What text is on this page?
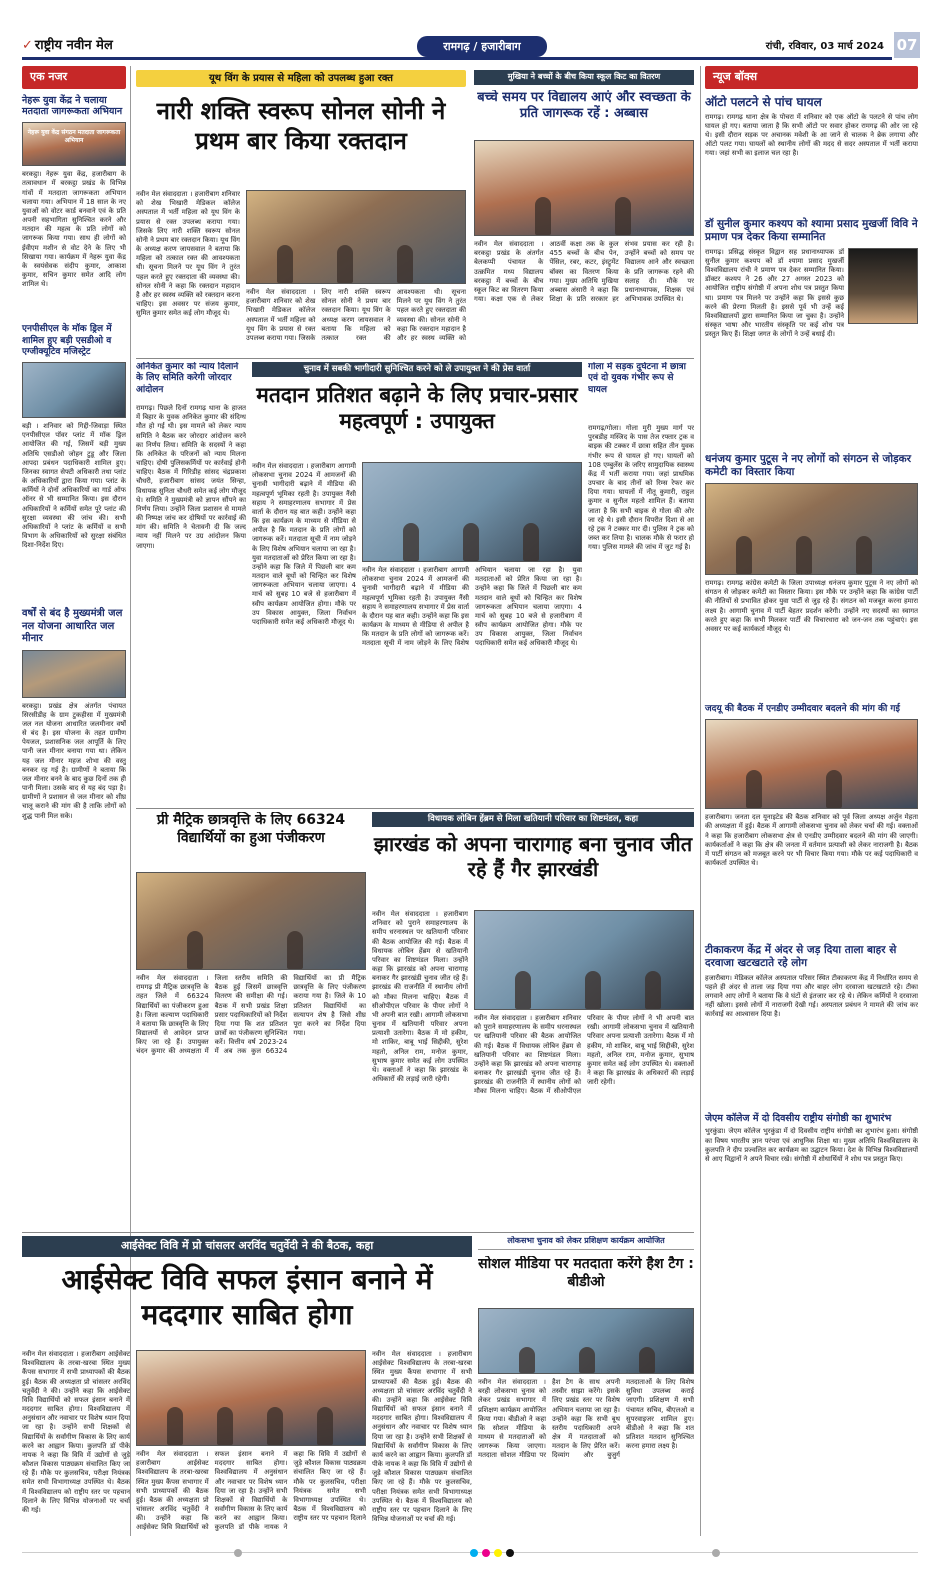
✓ राष्ट्रीय नवीन मेल	रामगढ़ / हजारीबाग	रांची, रविवार, 03 मार्च 2024 07
एक नजर
नेहरू युवा केंद्र ने चलाया मतदाता जागरूकता अभियान
नेहरू युवा केंद्र संगठन मतदाता जागरूकता अभियान
बरकट्ठा। नेहरू युवा केंद्र, हजारीबाग के तत्वावधान में बरकट्ठा प्रखंड के विभिन्न गांवों में मतदाता जागरूकता अभियान चलाया गया। अभियान में 18 साल के नए युवाओं को वोटर कार्ड बनवाने एवं के प्रति अपनी सहभागिता सुनिश्चित करने और मतदान की महत्व के प्रति लोगों को जागरूक किया गया। साथ ही लोगों को ईवीएम मशीन से वोट देने के लिए भी सिखाया गया। कार्यक्रम में नेहरू युवा केंद्र के स्वयंसेवक संदीप कुमार, आकाश कुमार, सचिन कुमार समेत आदि लोग शामिल थे।
एनपीसीएल के मॉक ड्रिल में शामिल हुए बड़ी एसडीओ व एग्जीक्यूटिव मजिस्ट्रेट
बड़ी । शनिवार को गिद्दी-जिवाड़ा स्थित एनपीसीएल पॉवर प्लांट में मॉक ड्रिल आयोजित की गई, जिसमें बड़ी मुख्य अतिथि एसडीओ जोहन टुडू और जिला आपदा प्रबंधन पदाधिकारी शामिल हुए। जिनका स्वागत सेफ्टी अधिकारी तथा प्लांट के अधिकारियों द्वारा किया गया। प्लांट के कर्मियों ने दोनों अधिकारियों का गार्ड ऑफ ऑनर से भी सम्मानित किया। इस दौरान अधिकारियों ने कर्मियों समेत पूरे प्लांट की सुरक्षा व्यवस्था की जांच की। सभी अधिकारियों ने प्लांट के कर्मियों व सभी विभाग के अधिकारियों को सुरक्षा संबंधित दिशा-निर्देश दिए।
वर्षों से बंद है मुख्यमंत्री जल नल योजना आधारित जल मीनार
बरकट्ठा। प्रखंड क्षेत्र अंतर्गत पंचायत सिरसीडीह के ग्राम टुकहीसा में मुख्यमंत्री जल नल योजना आधारित जलमीनार वर्षों से बंद है। इस योजना के तहत ग्रामीण पेयजल, प्रशासनिक जल आपूर्ति के लिए पानी जल मीनार बनाया गया था। लेकिन यह जल मीनार महज शोभा की वस्तु बनकर रह गई है। ग्रामीणों ने बताया कि जल मीनार बनने के बाद कुछ दिनों तक ही पानी मिला। उसके बाद से यह बंद पड़ा है। ग्रामीणों ने प्रशासन से जल मीनार को शीघ्र चालू कराने की मांग की है ताकि लोगों को शुद्ध पानी मिल सके।
यूथ विंग के प्रयास से महिला को उपलब्ध हुआ रक्त
नारी शक्ति स्वरूप सोनल सोनी ने प्रथम बार किया रक्तदान
नवीन मेल संवाददाता । हजारीबाग शनिवार को शेख भिखारी मेडिकल कॉलेज अस्पताल में भर्ती महिला को यूथ विंग के प्रयास से रक्त उपलब्ध कराया गया। जिसके लिए नारी शक्ति स्वरूप सोनल सोनी ने प्रथम बार रक्तदान किया। यूथ विंग के अध्यक्ष करण जायसवाल ने बताया कि महिला को तत्काल रक्त की आवश्यकता थी। सूचना मिलने पर यूथ विंग ने तुरंत पहल करते हुए रक्तदाता की व्यवस्था की। सोनल सोनी ने कहा कि रक्तदान महादान है और हर स्वस्थ व्यक्ति को रक्तदान करना चाहिए। इस अवसर पर संजय कुमार, सुमित कुमार समेत कई लोग मौजूद थे।
नवीन मेल संवाददाता । हजारीबाग शनिवार को शेख भिखारी मेडिकल कॉलेज अस्पताल में भर्ती महिला को यूथ विंग के प्रयास से रक्त उपलब्ध कराया गया। जिसके लिए नारी शक्ति स्वरूप सोनल सोनी ने प्रथम बार रक्तदान किया। यूथ विंग के अध्यक्ष करण जायसवाल ने बताया कि महिला को तत्काल रक्त की आवश्यकता थी। सूचना मिलने पर यूथ विंग ने तुरंत पहल करते हुए रक्तदाता की व्यवस्था की। सोनल सोनी ने कहा कि रक्तदान महादान है और हर स्वस्थ व्यक्ति को
मुखिया ने बच्चों के बीच किया स्कूल किट का वितरण
बच्चे समय पर विद्यालय आएं और स्वच्छता के प्रति जागरूक रहें : अब्बास
नवीन मेल संवाददाता । बरकट्ठा प्रखंड के अंतर्गत बेलकप्पी पंचायत के उत्क्रमित मध्य विद्यालय बरकट्ठा में बच्चों के बीच स्कूल किट का वितरण किया गया। कक्षा एक से लेकर आठवीं कक्षा तक के कुल 455 बच्चों के बीच पेन, पेंसिल, रबर, कटर, इंस्ट्रूमेंट बॉक्स का वितरण किया गया। मुख्य अतिथि मुखिया अब्बास अंसारी ने कहा कि शिक्षा के प्रति सरकार हर संभव प्रयास कर रही है। उन्होंने बच्चों को समय पर विद्यालय आने और स्वच्छता के प्रति जागरूक रहने की सलाह दी। मौके पर प्रधानाध्यापक, शिक्षक एवं अभिभावक उपस्थित थे।
अनिकेत कुमार को न्याय दिलाने के लिए समिति करेगी जोरदार आंदोलन
रामगढ़। पिछले दिनों रामगढ़ थाना के हाजत में बिहार के युवक अनिकेत कुमार की संदिग्ध मौत हो गई थी। इस मामले को लेकर न्याय समिति ने बैठक कर जोरदार आंदोलन करने का निर्णय लिया। समिति के सदस्यों ने कहा कि अनिकेत के परिजनों को न्याय मिलना चाहिए। दोषी पुलिसकर्मियों पर कार्रवाई होनी चाहिए। बैठक में गिरिडीह सांसद चंद्रप्रकाश चौधरी, हजारीबाग सांसद जयंत सिन्हा, विधायक सुनिता चौधरी समेत कई लोग मौजूद थे। समिति ने मुख्यमंत्री को ज्ञापन सौंपने का निर्णय लिया। उन्होंने जिला प्रशासन से मामले की निष्पक्ष जांच कर दोषियों पर कार्रवाई की मांग की। समिति ने चेतावनी दी कि जल्द न्याय नहीं मिलने पर उग्र आंदोलन किया जाएगा।
चुनाव में सबकी भागीदारी सुनिश्चित करने को ले उपायुक्त ने की प्रेस वार्ता
मतदान प्रतिशत बढ़ाने के लिए प्रचार-प्रसार महत्वपूर्ण : उपायुक्त
नवीन मेल संवाददाता । हजारीबाग आगामी लोकसभा चुनाव 2024 में आमजनों की चुनावी भागीदारी बढ़ाने में मीडिया की महत्वपूर्ण भूमिका रहती है। उपायुक्त नैंसी सहाय ने समाहरणालय सभागार में प्रेस वार्ता के दौरान यह बात कही। उन्होंने कहा कि इस कार्यक्रम के माध्यम से मीडिया से अपील है कि मतदान के प्रति लोगों को जागरूक करें। मतदाता सूची में नाम जोड़ने के लिए विशेष अभियान चलाया जा रहा है। युवा मतदाताओं को प्रेरित किया जा रहा है। उन्होंने कहा कि जिले में पिछली बार कम मतदान वाले बूथों को चिन्हित कर विशेष जागरूकता अभियान चलाया जाएगा। 4 मार्च को सुबह 10 बजे से हजारीबाग में स्वीप कार्यक्रम आयोजित होगा। मौके पर उप विकास आयुक्त, जिला निर्वाचन पदाधिकारी समेत कई अधिकारी मौजूद थे।
नवीन मेल संवाददाता । हजारीबाग आगामी लोकसभा चुनाव 2024 में आमजनों की चुनावी भागीदारी बढ़ाने में मीडिया की महत्वपूर्ण भूमिका रहती है। उपायुक्त नैंसी सहाय ने समाहरणालय सभागार में प्रेस वार्ता के दौरान यह बात कही। उन्होंने कहा कि इस कार्यक्रम के माध्यम से मीडिया से अपील है कि मतदान के प्रति लोगों को जागरूक करें। मतदाता सूची में नाम जोड़ने के लिए विशेष अभियान चलाया जा रहा है। युवा मतदाताओं को प्रेरित किया जा रहा है। उन्होंने कहा कि जिले में पिछली बार कम मतदान वाले बूथों को चिन्हित कर विशेष जागरूकता अभियान चलाया जाएगा। 4 मार्च को सुबह 10 बजे से हजारीबाग में स्वीप कार्यक्रम आयोजित होगा। मौके पर उप विकास आयुक्त, जिला निर्वाचन पदाधिकारी समेत कई अधिकारी मौजूद थे।
गोला में सड़क दुर्घटना में छात्रा एवं दो युवक गंभीर रूप से घायल
रामगढ़/गोला। गोला मुरी मुख्य मार्ग पर पुरबडीह मस्जिद के पास तेज रफ्तार ट्रक व बाइक की टक्कर में छात्रा सहित तीन युवक गंभीर रूप से घायल हो गए। घायलों को 108 एम्बुलेंस के जरिए सामुदायिक स्वास्थ्य केंद्र में भर्ती कराया गया। जहां प्राथमिक उपचार के बाद तीनों को रिम्स रेफर कर दिया गया। घायलों में नीतू कुमारी, राहुल कुमार व सुनील महतो शामिल हैं। बताया जाता है कि सभी बाइक से गोला की ओर जा रहे थे। इसी दौरान विपरीत दिशा से आ रहे ट्रक ने टक्कर मार दी। पुलिस ने ट्रक को जब्त कर लिया है। चालक मौके से फरार हो गया। पुलिस मामले की जांच में जुट गई है।
प्री मैट्रिक छात्रवृत्ति के लिए 66324 विद्यार्थियों का हुआ पंजीकरण
नवीन मेल संवाददाता । रामगढ़ प्री मैट्रिक छात्रवृत्ति के तहत जिले में 66324 विद्यार्थियों का पंजीकरण हुआ है। जिला कल्याण पदाधिकारी ने बताया कि छात्रवृत्ति के लिए विद्यालयों से आवेदन प्राप्त किए जा रहे हैं। उपायुक्त चंदन कुमार की अध्यक्षता में जिला स्तरीय समिति की बैठक हुई जिसमें छात्रवृत्ति वितरण की समीक्षा की गई। बैठक में सभी प्रखंड शिक्षा प्रसार पदाधिकारियों को निर्देश दिया गया कि शत प्रतिशत छात्रों का पंजीकरण सुनिश्चित करें। वित्तीय वर्ष 2023-24 में अब तक कुल 66324 विद्यार्थियों का प्री मैट्रिक छात्रवृत्ति के लिए पंजीकरण कराया गया है। जिले के 10 प्रतिशत विद्यार्थियों का सत्यापन शेष है जिसे शीघ्र पूरा करने का निर्देश दिया गया।
विधायक लोबिन हेंब्रम से मिला खतियानी परिवार का शिष्टमंडल, कहा
झारखंड को अपना चारागाह बना चुनाव जीत रहे हैं गैर झारखंडी
नवीन मेल संवाददाता । हजारीबाग शनिवार को पुराने समाहरणालय के समीप धरनास्थल पर खतियानी परिवार की बैठक आयोजित की गई। बैठक में विधायक लोबिन हेंब्रम से खतियानी परिवार का शिष्टमंडल मिला। उन्होंने कहा कि झारखंड को अपना चारागाह बनाकर गैर झारखंडी चुनाव जीत रहे हैं। झारखंड की राजनीति में स्थानीय लोगों को मौका मिलना चाहिए। बैठक में सीओपीएल परिवार के पीयर लोगों ने भी अपनी बात रखी। आगामी लोकसभा चुनाव में खतियानी परिवार अपना प्रत्याशी उतारेगा। बैठक में मो हकीम, मो शाकिर, बाबू भाई सिद्दीकी, सुरेश महतो, अनिल राम, मनोज कुमार, सुभाष कुमार समेत कई लोग उपस्थित थे। वक्ताओं ने कहा कि झारखंड के अधिकारों की लड़ाई जारी रहेगी।
नवीन मेल संवाददाता । हजारीबाग शनिवार को पुराने समाहरणालय के समीप धरनास्थल पर खतियानी परिवार की बैठक आयोजित की गई। बैठक में विधायक लोबिन हेंब्रम से खतियानी परिवार का शिष्टमंडल मिला। उन्होंने कहा कि झारखंड को अपना चारागाह बनाकर गैर झारखंडी चुनाव जीत रहे हैं। झारखंड की राजनीति में स्थानीय लोगों को मौका मिलना चाहिए। बैठक में सीओपीएल परिवार के पीयर लोगों ने भी अपनी बात रखी। आगामी लोकसभा चुनाव में खतियानी परिवार अपना प्रत्याशी उतारेगा। बैठक में मो हकीम, मो शाकिर, बाबू भाई सिद्दीकी, सुरेश महतो, अनिल राम, मनोज कुमार, सुभाष कुमार समेत कई लोग उपस्थित थे। वक्ताओं ने कहा कि झारखंड के अधिकारों की लड़ाई जारी रहेगी।
आईसेक्ट विवि में प्रो चांसलर अरविंद चतुर्वेदी ने की बैठक, कहा
आईसेक्ट विवि सफल इंसान बनाने में मददगार साबित होगा
नवीन मेल संवाददाता । हजारीबाग आईसेक्ट विश्वविद्यालय के तरबा-खरबा स्थित मुख्य कैंपस सभागार में सभी प्राध्यापकों की बैठक हुई। बैठक की अध्यक्षता प्रो चांसलर अरविंद चतुर्वेदी ने की। उन्होंने कहा कि आईसेक्ट विवि विद्यार्थियों को सफल इंसान बनाने में मददगार साबित होगा। विश्वविद्यालय में अनुसंधान और नवाचार पर विशेष ध्यान दिया जा रहा है। उन्होंने सभी शिक्षकों से विद्यार्थियों के सर्वांगीण विकास के लिए कार्य करने का आह्वान किया। कुलपति डॉ पीके नायक ने कहा कि विवि में उद्योगों से जुड़े कौशल विकास पाठ्यक्रम संचालित किए जा रहे हैं। मौके पर कुलसचिव, परीक्षा नियंत्रक समेत सभी विभागाध्यक्ष उपस्थित थे। बैठक में विश्वविद्यालय को राष्ट्रीय स्तर पर पहचान दिलाने के लिए विभिन्न योजनाओं पर चर्चा की गई।
नवीन मेल संवाददाता । हजारीबाग आईसेक्ट विश्वविद्यालय के तरबा-खरबा स्थित मुख्य कैंपस सभागार में सभी प्राध्यापकों की बैठक हुई। बैठक की अध्यक्षता प्रो चांसलर अरविंद चतुर्वेदी ने की। उन्होंने कहा कि आईसेक्ट विवि विद्यार्थियों को सफल इंसान बनाने में मददगार साबित होगा। विश्वविद्यालय में अनुसंधान और नवाचार पर विशेष ध्यान दिया जा रहा है। उन्होंने सभी शिक्षकों से विद्यार्थियों के सर्वांगीण विकास के लिए कार्य करने का आह्वान किया। कुलपति डॉ पीके नायक ने कहा कि विवि में उद्योगों से जुड़े कौशल विकास पाठ्यक्रम संचालित किए जा रहे हैं। मौके पर कुलसचिव, परीक्षा नियंत्रक समेत सभी विभागाध्यक्ष उपस्थित थे। बैठक में विश्वविद्यालय को राष्ट्रीय स्तर पर पहचान दिलाने
नवीन मेल संवाददाता । हजारीबाग आईसेक्ट विश्वविद्यालय के तरबा-खरबा स्थित मुख्य कैंपस सभागार में सभी प्राध्यापकों की बैठक हुई। बैठक की अध्यक्षता प्रो चांसलर अरविंद चतुर्वेदी ने की। उन्होंने कहा कि आईसेक्ट विवि विद्यार्थियों को सफल इंसान बनाने में मददगार साबित होगा। विश्वविद्यालय में अनुसंधान और नवाचार पर विशेष ध्यान दिया जा रहा है। उन्होंने सभी शिक्षकों से विद्यार्थियों के सर्वांगीण विकास के लिए कार्य करने का आह्वान किया। कुलपति डॉ पीके नायक ने कहा कि विवि में उद्योगों से जुड़े कौशल विकास पाठ्यक्रम संचालित किए जा रहे हैं। मौके पर कुलसचिव, परीक्षा नियंत्रक समेत सभी विभागाध्यक्ष उपस्थित थे। बैठक में विश्वविद्यालय को राष्ट्रीय स्तर पर पहचान दिलाने के लिए विभिन्न योजनाओं पर चर्चा की गई।
लोकसभा चुनाव को लेकर प्रशिक्षण कार्यक्रम आयोजित
सोशल मीडिया पर मतदाता करेंगे हैश टैग : बीडीओ
नवीन मेल संवाददाता । बरही लोकसभा चुनाव को लेकर प्रखंड सभागार में प्रशिक्षण कार्यक्रम आयोजित किया गया। बीडीओ ने कहा कि सोशल मीडिया के माध्यम से मतदाताओं को जागरूक किया जाएगा। मतदाता सोशल मीडिया पर हैश टैग के साथ अपनी तस्वीर साझा करेंगे। इसके लिए प्रखंड स्तर पर विशेष अभियान चलाया जा रहा है। उन्होंने कहा कि सभी बूथ स्तरीय पदाधिकारी अपने क्षेत्र में मतदाताओं को मतदान के लिए प्रेरित करें। दिव्यांग और बुजुर्ग मतदाताओं के लिए विशेष सुविधा उपलब्ध कराई जाएगी। प्रशिक्षण में सभी पंचायत सचिव, बीएलओ व सुपरवाइजर शामिल हुए। बीडीओ ने कहा कि शत प्रतिशत मतदान सुनिश्चित करना हमारा लक्ष्य है।
न्यूज बॉक्स
ऑटो पलटने से पांच घायल
रामगढ़। रामगढ़ थाना क्षेत्र के पोचरा में शनिवार को एक ऑटो के पलटने से पांच लोग घायल हो गए। बताया जाता है कि सभी ऑटो पर सवार होकर रामगढ़ की ओर जा रहे थे। इसी दौरान सड़क पर अचानक मवेशी के आ जाने से चालक ने ब्रेक लगाया और ऑटो पलट गया। घायलों को स्थानीय लोगों की मदद से सदर अस्पताल में भर्ती कराया गया। जहां सभी का इलाज चल रहा है।
डॉ सुनील कुमार कश्यप को श्यामा प्रसाद मुखर्जी विवि ने प्रमाण पत्र देकर किया सम्मानित
रामगढ़। प्रसिद्ध संस्कृत विद्वान सह प्रधानाध्यापक डॉ सुनील कुमार कश्यप को डॉ श्यामा प्रसाद मुखर्जी विश्वविद्यालय रांची ने प्रमाण पत्र देकर सम्मानित किया। डॉक्टर कश्यप ने 26 और 27 अगस्त 2023 को आयोजित राष्ट्रीय संगोष्ठी में अपना शोध पत्र प्रस्तुत किया था। प्रमाण पत्र मिलने पर उन्होंने कहा कि इससे कुछ करने की प्रेरणा मिलती है। इससे पूर्व भी उन्हें कई विश्वविद्यालयों द्वारा सम्मानित किया जा चुका है। उन्होंने संस्कृत भाषा और भारतीय संस्कृति पर कई शोध पत्र प्रस्तुत किए हैं। शिक्षा जगत के लोगों ने उन्हें बधाई दी।
धनंजय कुमार पुटूस ने नए लोगों को संगठन से जोड़कर कमेटी का विस्तार किया
रामगढ़। रामगढ़ कांग्रेस कमेटी के जिला उपाध्यक्ष धनंजय कुमार पुटूस ने नए लोगों को संगठन से जोड़कर कमेटी का विस्तार किया। इस मौके पर उन्होंने कहा कि कांग्रेस पार्टी की नीतियों से प्रभावित होकर युवा पार्टी से जुड़ रहे हैं। संगठन को मजबूत करना हमारा लक्ष्य है। आगामी चुनाव में पार्टी बेहतर प्रदर्शन करेगी। उन्होंने नए सदस्यों का स्वागत करते हुए कहा कि सभी मिलकर पार्टी की विचारधारा को जन-जन तक पहुंचाएं। इस अवसर पर कई कार्यकर्ता मौजूद थे।
जदयू की बैठक में एनडीए उम्मीदवार बदलने की मांग की गई
हजारीबाग। जनता दल यूनाइटेड की बैठक शनिवार को पूर्व जिला अध्यक्ष अर्जुन मेहता की अध्यक्षता में हुई। बैठक में आगामी लोकसभा चुनाव को लेकर चर्चा की गई। वक्ताओं ने कहा कि हजारीबाग लोकसभा क्षेत्र से एनडीए उम्मीदवार बदलने की मांग की जाएगी। कार्यकर्ताओं ने कहा कि क्षेत्र की जनता में वर्तमान प्रत्याशी को लेकर नाराजगी है। बैठक में पार्टी संगठन को मजबूत करने पर भी विचार किया गया। मौके पर कई पदाधिकारी व कार्यकर्ता उपस्थित थे।
टीकाकरण केंद्र में अंदर से जड़ दिया ताला बाहर से दरवाजा खटखटाते रहे लोग
हजारीबाग। मेडिकल कॉलेज अस्पताल परिसर स्थित टीकाकरण केंद्र में निर्धारित समय से पहले ही अंदर से ताला जड़ दिया गया और बाहर लोग दरवाजा खटखटाते रहे। टीका लगवाने आए लोगों ने बताया कि वे घंटों से इंतजार कर रहे थे। लेकिन कर्मियों ने दरवाजा नहीं खोला। इससे लोगों में नाराजगी देखी गई। अस्पताल प्रबंधन ने मामले की जांच कर कार्रवाई का आश्वासन दिया है।
जेएम कॉलेज में दो दिवसीय राष्ट्रीय संगोष्ठी का शुभारंभ
भुरकुंडा। जेएम कॉलेज भुरकुंडा में दो दिवसीय राष्ट्रीय संगोष्ठी का शुभारंभ हुआ। संगोष्ठी का विषय भारतीय ज्ञान परंपरा एवं आधुनिक शिक्षा था। मुख्य अतिथि विश्वविद्यालय के कुलपति ने दीप प्रज्वलित कर कार्यक्रम का उद्घाटन किया। देश के विभिन्न विश्वविद्यालयों से आए विद्वानों ने अपने विचार रखे। संगोष्ठी में शोधार्थियों ने शोध पत्र प्रस्तुत किए।
